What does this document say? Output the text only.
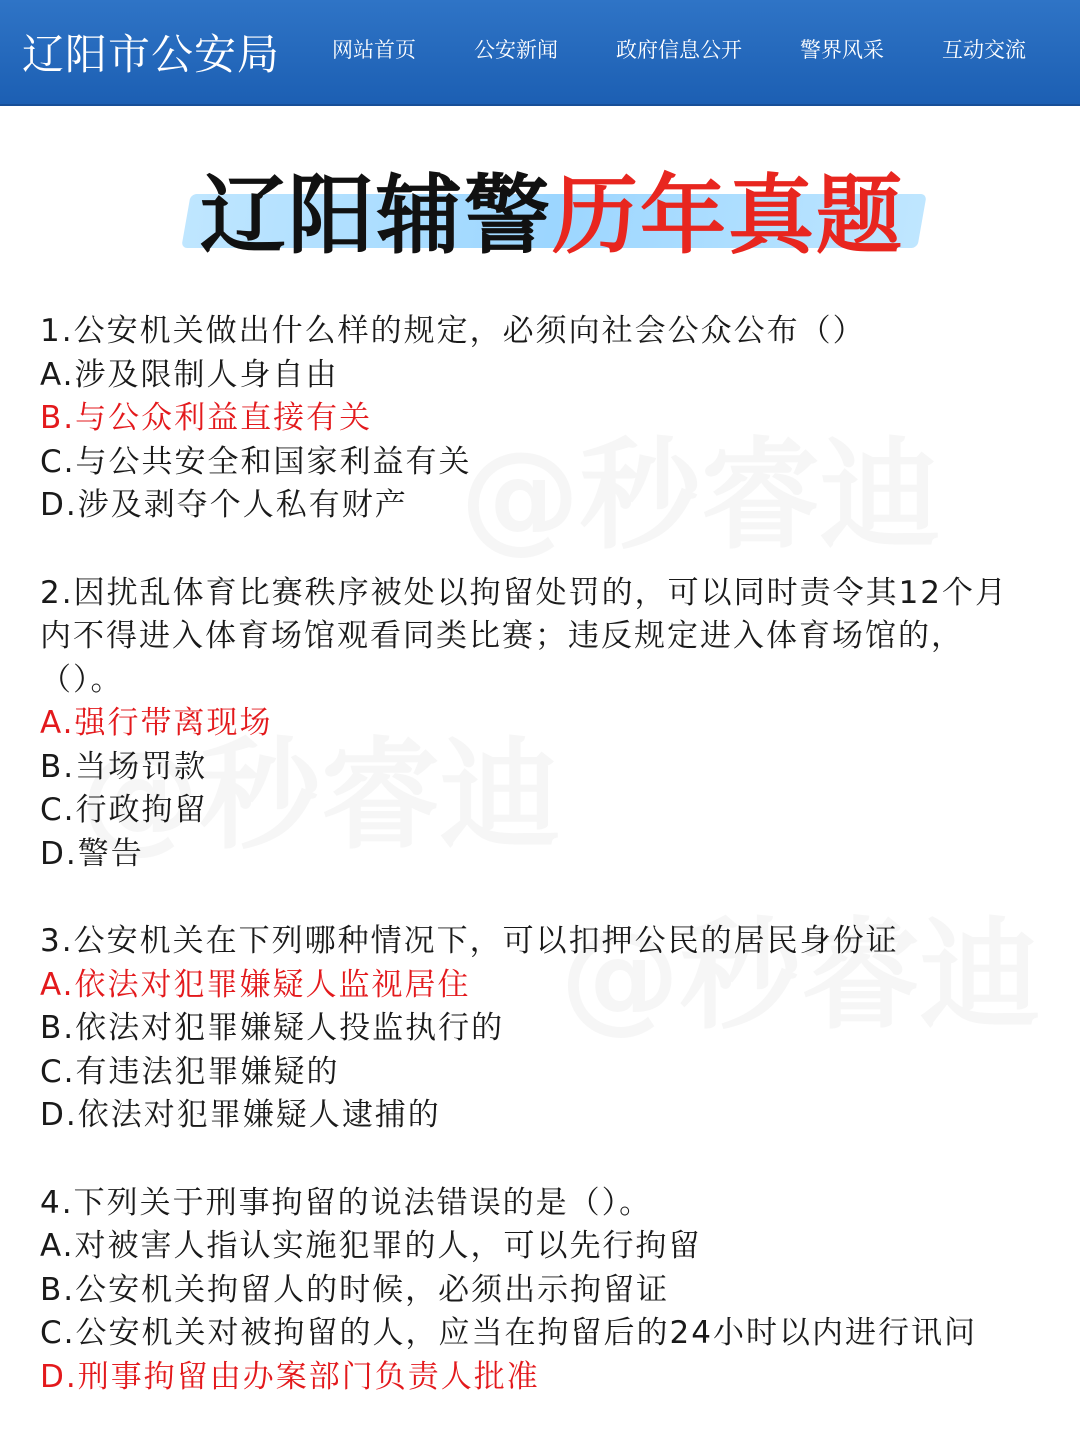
辽阳市公安局 网站首页	公安新闻	政府信息公开	警界风采	互动交流
辽阳辅警历年真题
1.公安机关做出什么样的规定，必须向社会公众公布（）
A.涉及限制人身自由
B.与公众利益直接有关
C.与公共安全和国家利益有关
D.涉及剥夺个人私有财产
2.因扰乱体育比赛秩序被处以拘留处罚的，可以同时责令其12个月
内不得进入体育场馆观看同类比赛；违反规定进入体育场馆的，
（）。
A.强行带离现场
B.当场罚款
C.行政拘留
D.警告
3.公安机关在下列哪种情况下，可以扣押公民的居民身份证
A.依法对犯罪嫌疑人监视居住
B.依法对犯罪嫌疑人投监执行的
C.有违法犯罪嫌疑的
D.依法对犯罪嫌疑人逮捕的
4.下列关于刑事拘留的说法错误的是（）。
A.对被害人指认实施犯罪的人，可以先行拘留
B.公安机关拘留人的时候，必须出示拘留证
C.公安机关对被拘留的人，应当在拘留后的24小时以内进行讯问
D.刑事拘留由办案部门负责人批准
